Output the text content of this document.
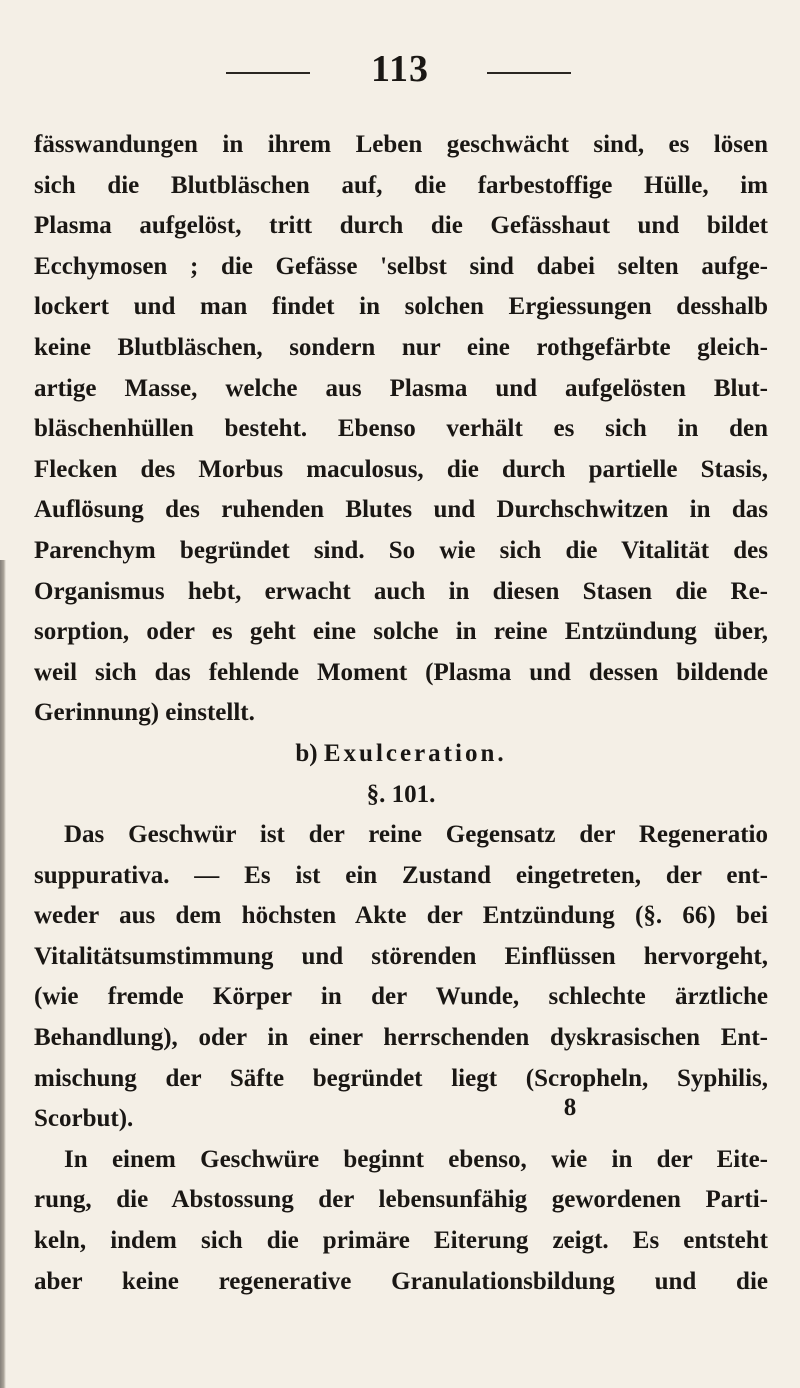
113
fässwandungen in ihrem Leben geschwächt sind, es lösen
sich die Blutbläschen auf, die farbestoffige Hülle, im
Plasma aufgelöst, tritt durch die Gefässhaut und bildet
Ecchymosen ; die Gefässe 'selbst sind dabei selten aufge-
lockert und man findet in solchen Ergiessungen desshalb
keine Blutbläschen, sondern nur eine rothgefärbte gleich-
artige Masse, welche aus Plasma und aufgelösten Blut-
bläschenhüllen besteht. Ebenso verhält es sich in den
Flecken des Morbus maculosus, die durch partielle Stasis,
Auflösung des ruhenden Blutes und Durchschwitzen in das
Parenchym begründet sind. So wie sich die Vitalität des
Organismus hebt, erwacht auch in diesen Stasen die Re-
sorption, oder es geht eine solche in reine Entzündung über,
weil sich das fehlende Moment (Plasma und dessen bildende
Gerinnung) einstellt.
b) Exulceration.
§. 101.
Das Geschwür ist der reine Gegensatz der Regeneratio
suppurativa. — Es ist ein Zustand eingetreten, der ent-
weder aus dem höchsten Akte der Entzündung (§. 66) bei
Vitalitätsumstimmung und störenden Einflüssen hervorgeht,
(wie fremde Körper in der Wunde, schlechte ärztliche
Behandlung), oder in einer herrschenden dyskrasischen Ent-
mischung der Säfte begründet liegt (Scropheln, Syphilis,
Scorbut).
In einem Geschwüre beginnt ebenso, wie in der Eite-
rung, die Abstossung der lebensunfähig gewordenen Parti-
keln, indem sich die primäre Eiterung zeigt. Es entsteht
aber keine regenerative Granulationsbildung und die
8
